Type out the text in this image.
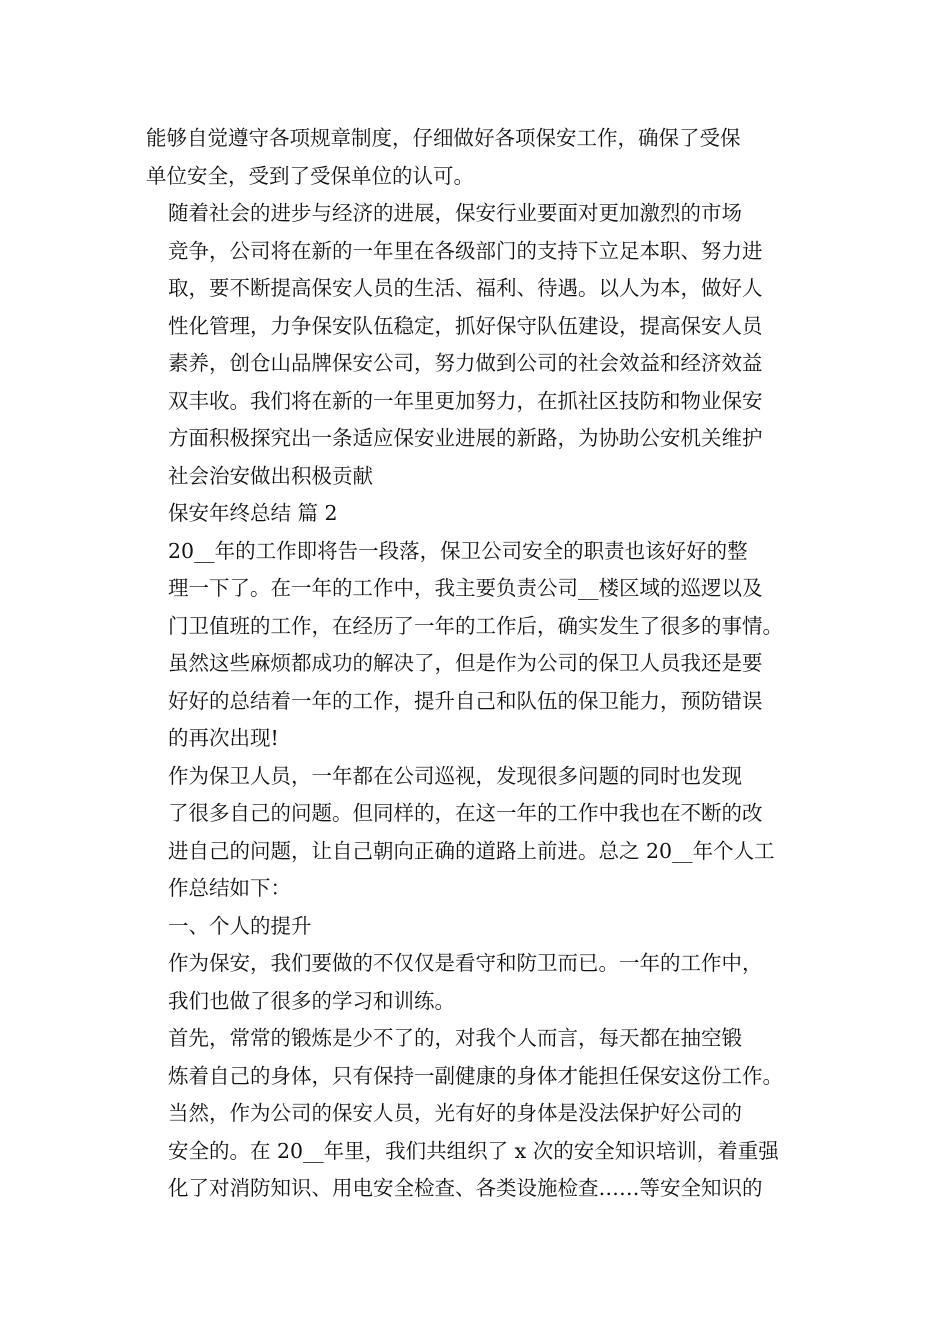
能够自觉遵守各项规章制度，仔细做好各项保安工作，确保了受保
单位安全，受到了受保单位的认可。

随着社会的进步与经济的进展，保安行业要面对更加激烈的市场
竞争，公司将在新的一年里在各级部门的支持下立足本职、努力进
取，要不断提高保安人员的生活、福利、待遇。以人为本，做好人
性化管理，力争保安队伍稳定，抓好保守队伍建设，提高保安人员
素养，创仓山品牌保安公司，努力做到公司的社会效益和经济效益
双丰收。我们将在新的一年里更加努力，在抓社区技防和物业保安
方面积极探究出一条适应保安业进展的新路，为协助公安机关维护
社会治安做出积极贡献

保安年终总结 篇 2

20__年的工作即将告一段落，保卫公司安全的职责也该好好的整
理一下了。在一年的工作中，我主要负责公司__楼区域的巡逻以及
门卫值班的工作，在经历了一年的工作后，确实发生了很多的事情。
虽然这些麻烦都成功的解决了，但是作为公司的保卫人员我还是要
好好的总结着一年的工作，提升自己和队伍的保卫能力，预防错误
的再次出现!

作为保卫人员，一年都在公司巡视，发现很多问题的同时也发现
了很多自己的问题。但同样的，在这一年的工作中我也在不断的改
进自己的问题，让自己朝向正确的道路上前进。总之 20__年个人工
作总结如下：

一、个人的提升

作为保安，我们要做的不仅仅是看守和防卫而已。一年的工作中，
我们也做了很多的学习和训练。

首先，常常的锻炼是少不了的，对我个人而言，每天都在抽空锻
炼着自己的身体，只有保持一副健康的身体才能担任保安这份工作。

当然，作为公司的保安人员，光有好的身体是没法保护好公司的
安全的。在 20__年里，我们共组织了 x 次的安全知识培训，着重强
化了对消防知识、用电安全检查、各类设施检查……等安全知识的
